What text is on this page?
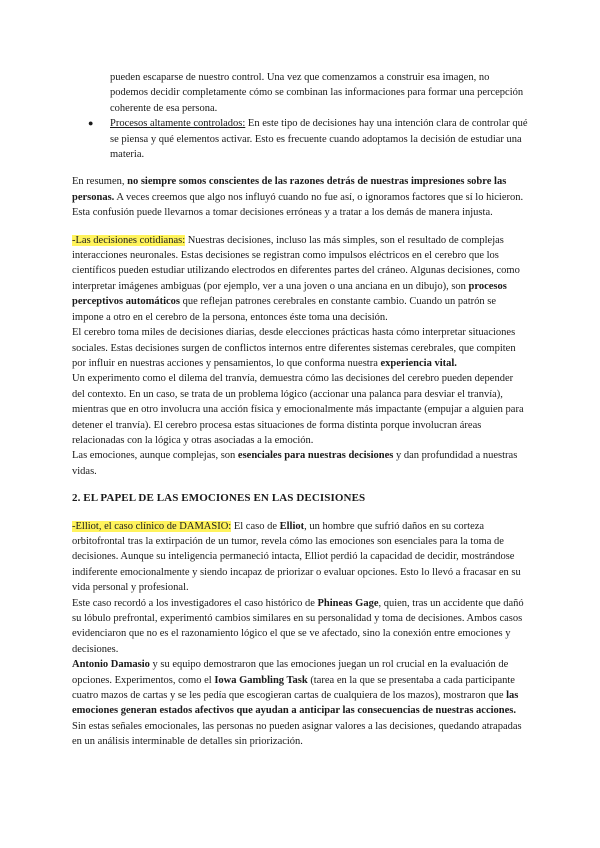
pueden escaparse de nuestro control. Una vez que comenzamos a construir esa imagen, no podemos decidir completamente cómo se combinan las informaciones para formar una percepción coherente de esa persona.

● Procesos altamente controlados: En este tipo de decisiones hay una intención clara de controlar qué se piensa y qué elementos activar. Esto es frecuente cuando adoptamos la decisión de estudiar una materia.

En resumen, no siempre somos conscientes de las razones detrás de nuestras impresiones sobre las personas. A veces creemos que algo nos influyó cuando no fue así, o ignoramos factores que sí lo hicieron. Esta confusión puede llevarnos a tomar decisiones erróneas y a tratar a los demás de manera injusta.

-Las decisiones cotidianas: Nuestras decisiones, incluso las más simples, son el resultado de complejas interacciones neuronales. Estas decisiones se registran como impulsos eléctricos en el cerebro que los científicos pueden estudiar utilizando electrodos en diferentes partes del cráneo. Algunas decisiones, como interpretar imágenes ambiguas (por ejemplo, ver a una joven o una anciana en un dibujo), son procesos perceptivos automáticos que reflejan patrones cerebrales en constante cambio. Cuando un patrón se impone a otro en el cerebro de la persona, entonces éste toma una decisión.

El cerebro toma miles de decisiones diarias, desde elecciones prácticas hasta cómo interpretar situaciones sociales. Estas decisiones surgen de conflictos internos entre diferentes sistemas cerebrales, que compiten por influir en nuestras acciones y pensamientos, lo que conforma nuestra experiencia vital.

Un experimento como el dilema del tranvía, demuestra cómo las decisiones del cerebro pueden depender del contexto. En un caso, se trata de un problema lógico (accionar una palanca para desviar el tranvía), mientras que en otro involucra una acción física y emocionalmente más impactante (empujar a alguien para detener el tranvía). El cerebro procesa estas situaciones de forma distinta porque involucran áreas relacionadas con la lógica y otras asociadas a la emoción.

Las emociones, aunque complejas, son esenciales para nuestras decisiones y dan profundidad a nuestras vidas.

2. EL PAPEL DE LAS EMOCIONES EN LAS DECISIONES

-Elliot, el caso clínico de DAMASIO: El caso de Elliot, un hombre que sufrió daños en su corteza orbitofrontal tras la extirpación de un tumor, revela cómo las emociones son esenciales para la toma de decisiones. Aunque su inteligencia permaneció intacta, Elliot perdió la capacidad de decidir, mostrándose indiferente emocionalmente y siendo incapaz de priorizar o evaluar opciones. Esto lo llevó a fracasar en su vida personal y profesional.

Este caso recordó a los investigadores el caso histórico de Phineas Gage, quien, tras un accidente que dañó su lóbulo prefrontal, experimentó cambios similares en su personalidad y toma de decisiones. Ambos casos evidenciaron que no es el razonamiento lógico el que se ve afectado, sino la conexión entre emociones y decisiones.

Antonio Damasio y su equipo demostraron que las emociones juegan un rol crucial en la evaluación de opciones. Experimentos, como el Iowa Gambling Task (tarea en la que se presentaba a cada participante cuatro mazos de cartas y se les pedía que escogieran cartas de cualquiera de los mazos), mostraron que las emociones generan estados afectivos que ayudan a anticipar las consecuencias de nuestras acciones. Sin estas señales emocionales, las personas no pueden asignar valores a las decisiones, quedando atrapadas en un análisis interminable de detalles sin priorización.
